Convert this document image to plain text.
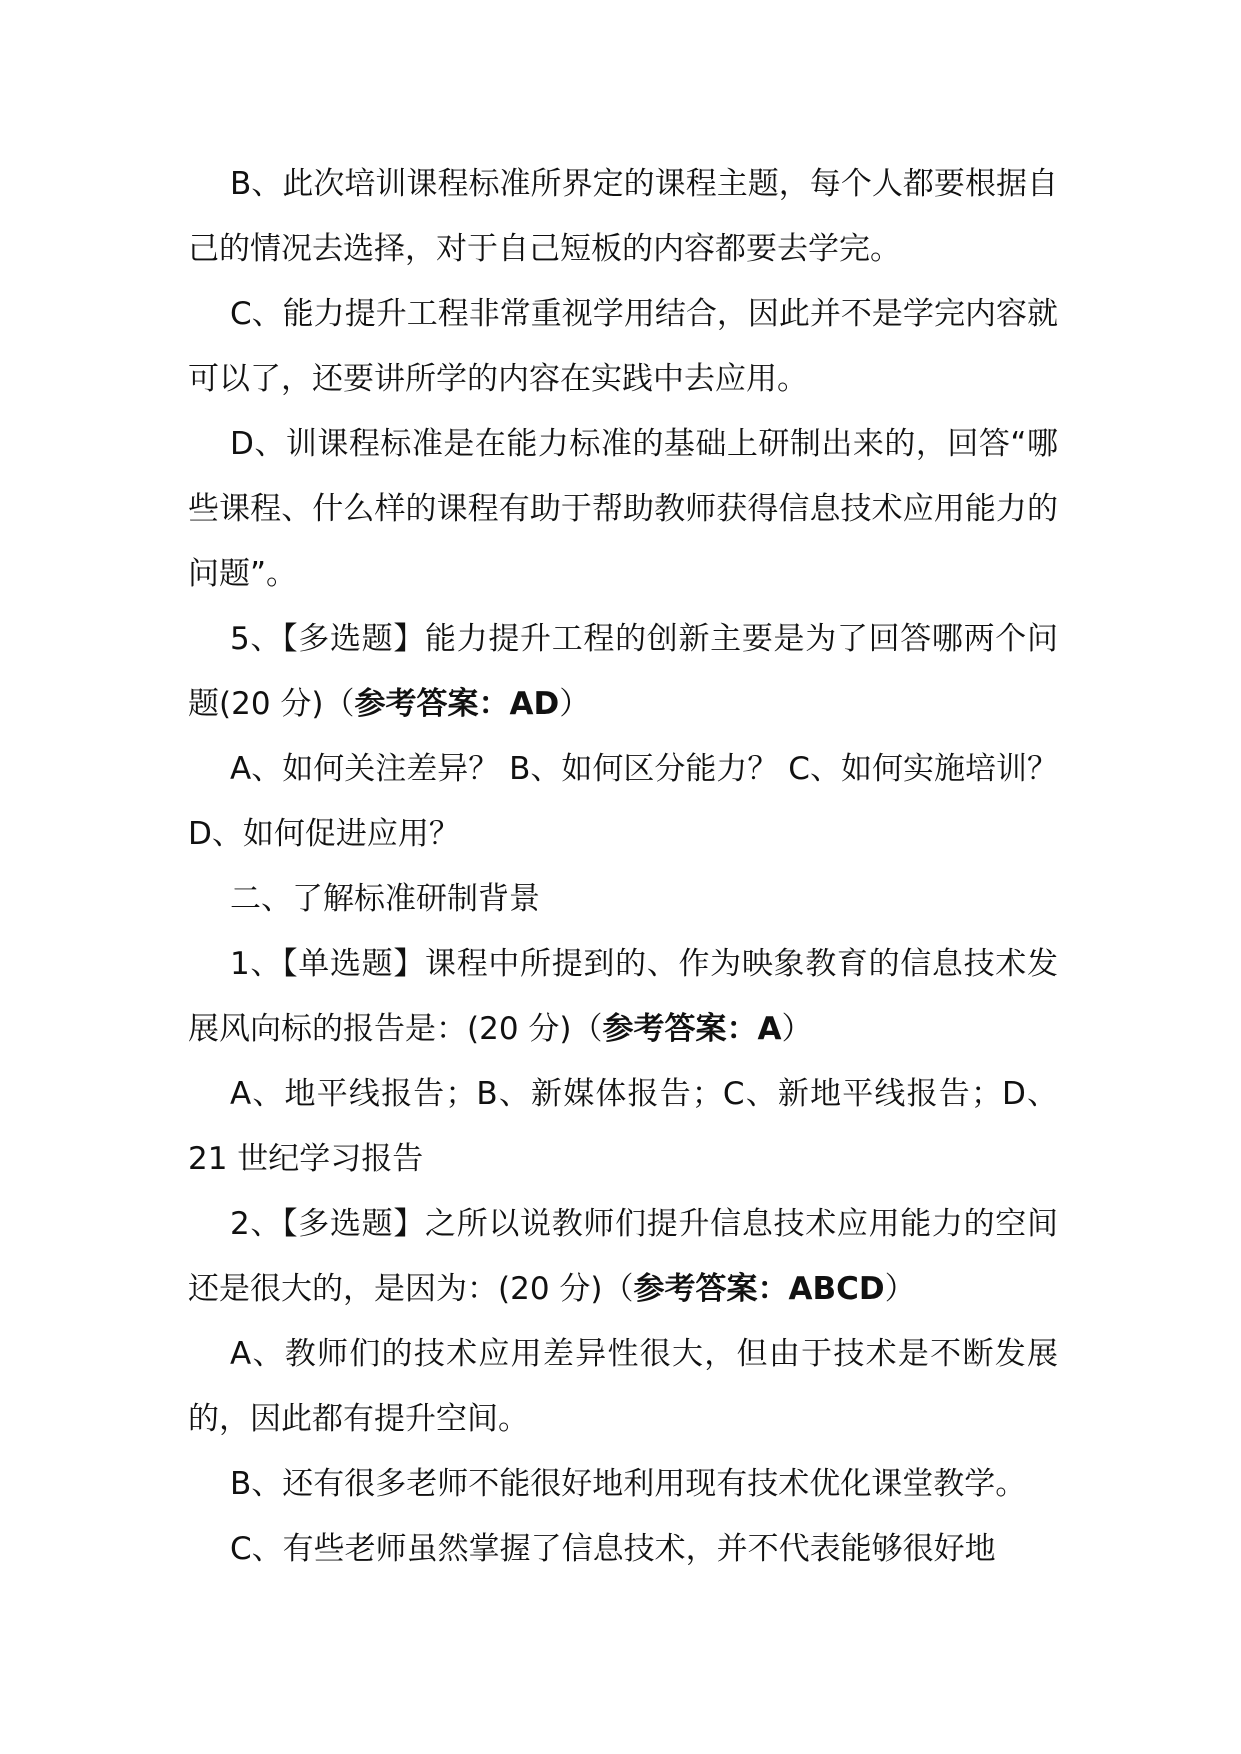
B、此次培训课程标准所界定的课程主题，每个人都要根据自己的情况去选择，对于自己短板的内容都要去学完。

C、能力提升工程非常重视学用结合，因此并不是学完内容就可以了，还要讲所学的内容在实践中去应用。

D、训课程标准是在能力标准的基础上研制出来的，回答“哪些课程、什么样的课程有助于帮助教师获得信息技术应用能力的问题”。

5、【多选题】能力提升工程的创新主要是为了回答哪两个问题(20 分)（参考答案：AD）

A、如何关注差异？ B、如何区分能力？ C、如何实施培训？ D、如何促进应用？

二、了解标准研制背景

1、【单选题】课程中所提到的、作为映象教育的信息技术发展风向标的报告是：(20 分)（参考答案：A）

A、地平线报告；B、新媒体报告；C、新地平线报告；D、21 世纪学习报告

2、【多选题】之所以说教师们提升信息技术应用能力的空间还是很大的，是因为：(20 分)（参考答案：ABCD）

A、教师们的技术应用差异性很大，但由于技术是不断发展的，因此都有提升空间。

B、还有很多老师不能很好地利用现有技术优化课堂教学。

C、有些老师虽然掌握了信息技术，并不代表能够很好地
